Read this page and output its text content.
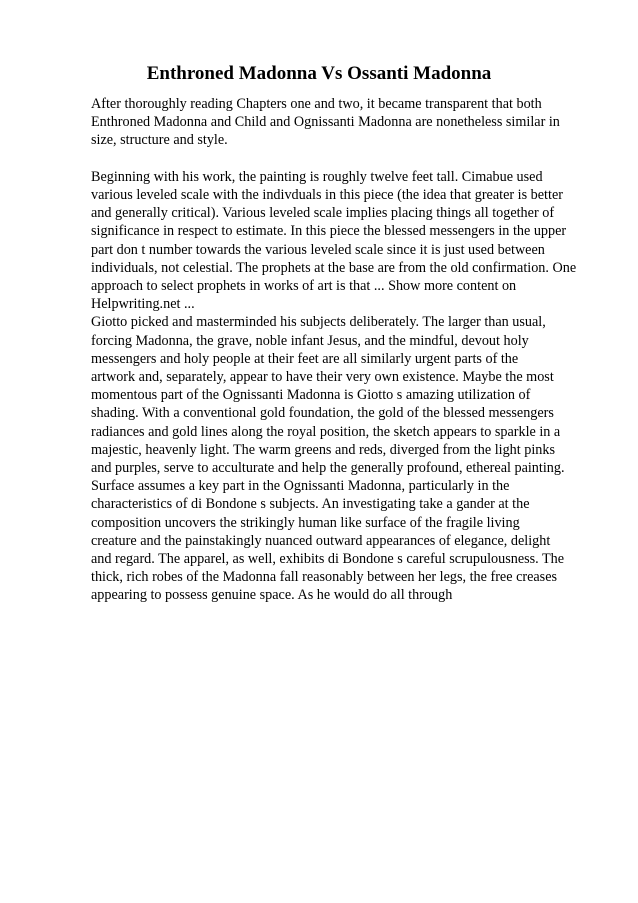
Enthroned Madonna Vs Ossanti Madonna

After thoroughly reading Chapters one and two, it became transparent that both

Enthroned Madonna and Child and Ognissanti Madonna are nonetheless similar in

size, structure and style.

Beginning with his work, the painting is roughly twelve feet tall. Cimabue used

various leveled scale with the indivduals in this piece (the idea that greater is better

and generally critical). Various leveled scale implies placing things all together of

significance in respect to estimate. In this piece the blessed messengers in the upper

part don t number towards the various leveled scale since it is just used between

individuals, not celestial. The prophets at the base are from the old confirmation. One

approach to select prophets in works of art is that ... Show more content on

Helpwriting.net ...

Giotto picked and masterminded his subjects deliberately. The larger than usual,

forcing Madonna, the grave, noble infant Jesus, and the mindful, devout holy

messengers and holy people at their feet are all similarly urgent parts of the

artwork and, separately, appear to have their very own existence. Maybe the most

momentous part of the Ognissanti Madonna is Giotto s amazing utilization of

shading. With a conventional gold foundation, the gold of the blessed messengers

radiances and gold lines along the royal position, the sketch appears to sparkle in a

majestic, heavenly light. The warm greens and reds, diverged from the light pinks

and purples, serve to acculturate and help the generally profound, ethereal painting.

Surface assumes a key part in the Ognissanti Madonna, particularly in the

characteristics of di Bondone s subjects. An investigating take a gander at the

composition uncovers the strikingly human like surface of the fragile living

creature and the painstakingly nuanced outward appearances of elegance, delight

and regard. The apparel, as well, exhibits di Bondone s careful scrupulousness. The

thick, rich robes of the Madonna fall reasonably between her legs, the free creases

appearing to possess genuine space. As he would do all through
